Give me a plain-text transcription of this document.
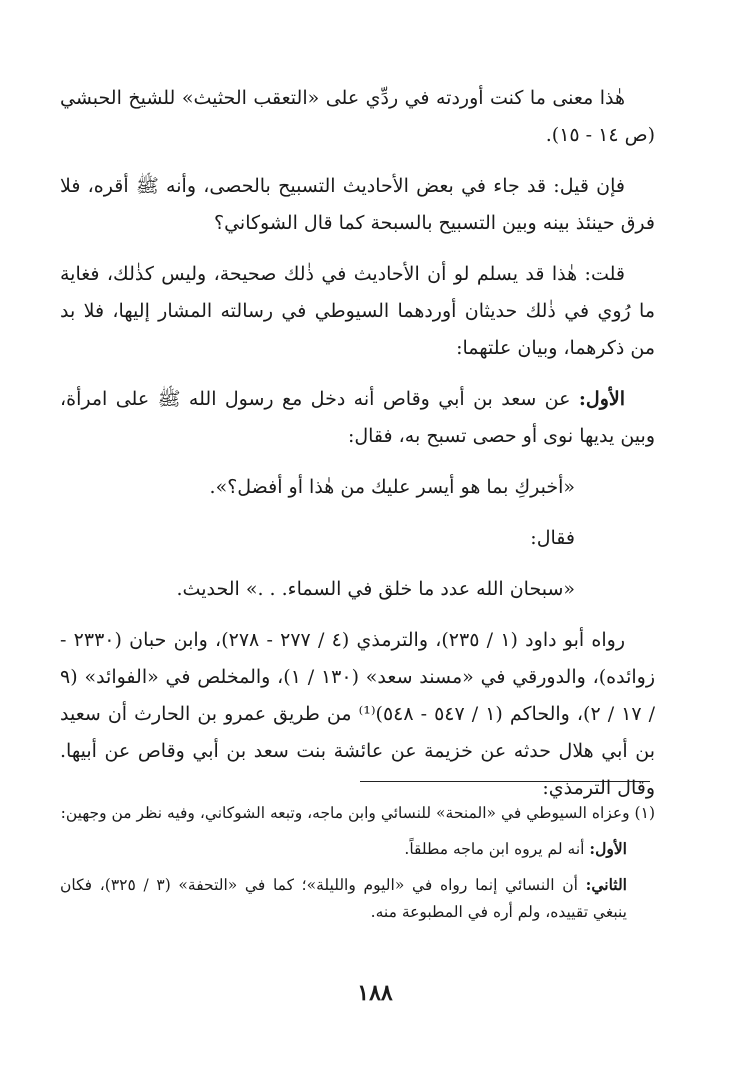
هٰذا معنى ما كنت أوردته في ردِّي على «التعقب الحثيث» للشيخ الحبشي (ص ١٤ - ١٥).

فإن قيل: قد جاء في بعض الأحاديث التسبيح بالحصى، وأنه ﷺ أقره، فلا فرق حينئذ بينه وبين التسبيح بالسبحة كما قال الشوكاني؟

قلت: هٰذا قد يسلم لو أن الأحاديث في ذٰلك صحيحة، وليس كذٰلك، فغاية ما رُوي في ذٰلك حديثان أوردهما السيوطي في رسالته المشار إليها، فلا بد من ذكرهما، وبيان علتهما:

الأول: عن سعد بن أبي وقاص أنه دخل مع رسول الله ﷺ على امرأة، وبين يديها نوى أو حصى تسبح به، فقال:

«أخبركِ بما هو أيسر عليك من هٰذا أو أفضل؟».

فقال:

«سبحان الله عدد ما خلق في السماء. . .» الحديث.

رواه أبو داود (١ / ٢٣٥)، والترمذي (٤ / ٢٧٧ - ٢٧٨)، وابن حبان (٢٣٣٠ - زوائده)، والدورقي في «مسند سعد» (١٣٠ / ١)، والمخلص في «الفوائد» (٩ / ١٧ / ٢)، والحاكم (١ / ٥٤٧ - ٥٤٨)⁽¹⁾ من طريق عمرو بن الحارث أن سعيد بن أبي هلال حدثه عن خزيمة عن عائشة بنت سعد بن أبي وقاص عن أبيها. وقال الترمذي:

(١) وعزاه السيوطي في «المنحة» للنسائي وابن ماجه، وتبعه الشوكاني، وفيه نظر من وجهين:

الأول: أنه لم يروه ابن ماجه مطلقاً.

الثاني: أن النسائي إنما رواه في «اليوم والليلة»؛ كما في «التحفة» (٣ / ٣٢٥)، فكان ينبغي تقييده، ولم أره في المطبوعة منه.

١٨٨
